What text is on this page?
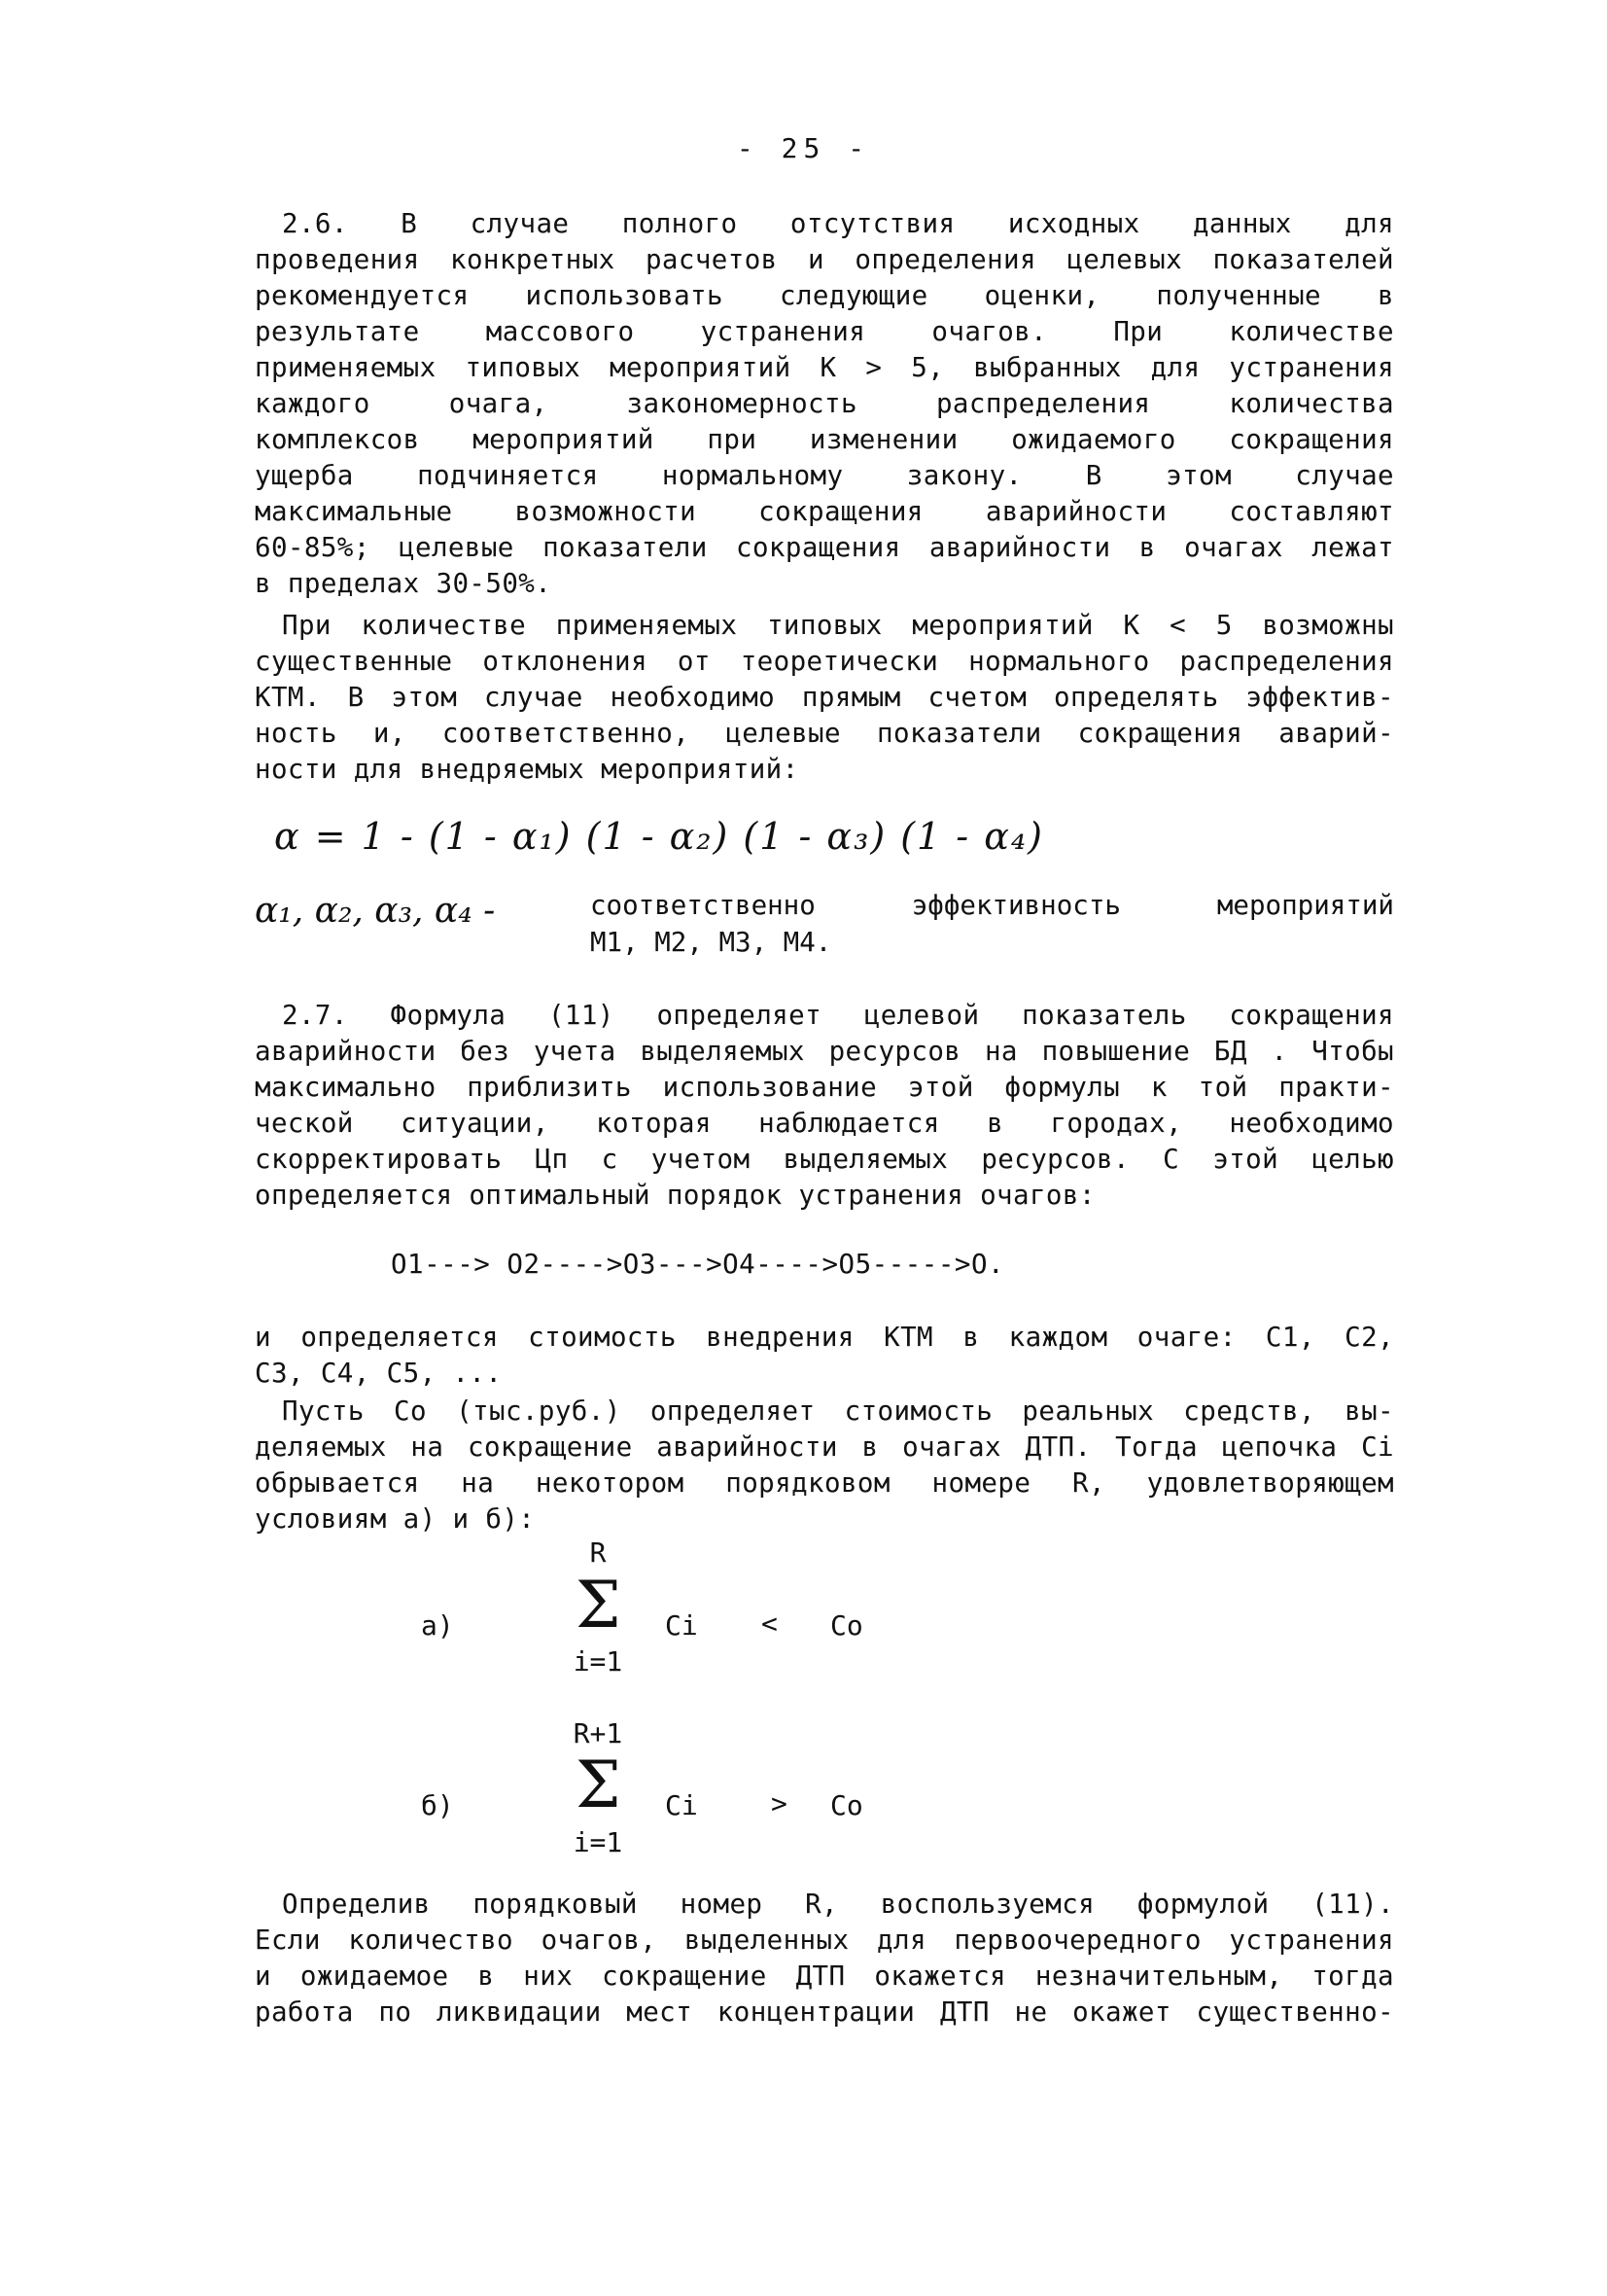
- 25 -
2.6. В случае полного отсутствия исходных данных для
проведения конкретных расчетов и определения целевых показателей
рекомендуется использовать следующие оценки, полученные в
результате массового устранения очагов. При количестве
применяемых типовых мероприятий К > 5, выбранных для устранения
каждого очага, закономерность распределения количества
комплексов мероприятий при изменении ожидаемого сокращения
ущерба подчиняется нормальному закону. В этом случае
максимальные возможности сокращения аварийности составляют
60-85%; целевые показатели сокращения аварийности в очагах лежат
в пределах 30-50%.
При количестве применяемых типовых мероприятий К < 5 возможны
существенные отклонения от теоретически нормального распределения
КТМ. В этом случае необходимо прямым счетом определять эффектив-
ность и, соответственно, целевые показатели сокращения аварий-
ности для внедряемых мероприятий:
α = 1 - (1 - α₁) (1 - α₂) (1 - α₃) (1 - α₄)
α₁, α₂, α₃, α₄ -	соответственно эффективность мероприятий
М1, М2, М3, М4.
2.7. Формула (11) определяет целевой показатель сокращения
аварийности без учета выделяемых ресурсов на повышение БД . Чтобы
максимально приблизить использование этой формулы к той практи-
ческой ситуации, которая наблюдается в городах, необходимо
скорректировать Цп с учетом выделяемых ресурсов. С этой целью
определяется оптимальный порядок устранения очагов:
О1---> О2---->О3--->О4---->О5----->О.
и определяется стоимость внедрения КТМ в каждом очаге: С1, С2,
С3, С4, С5, ...
Пусть Со (тыс.руб.) определяет стоимость реальных средств, вы-
деляемых на сокращение аварийности в очагах ДТП. Тогда цепочка Сi
обрывается на некотором порядковом номере R, удовлетворяющем
условиям а) и б):
а)
R
Σ
i=1
Ci < Co
б)
R+1
Σ
i=1
Ci	> Co
Определив порядковый номер R, воспользуемся формулой (11).
Если количество очагов, выделенных для первоочередного устранения
и ожидаемое в них сокращение ДТП окажется незначительным, тогда
работа по ликвидации мест концентрации ДТП не окажет существенно-
